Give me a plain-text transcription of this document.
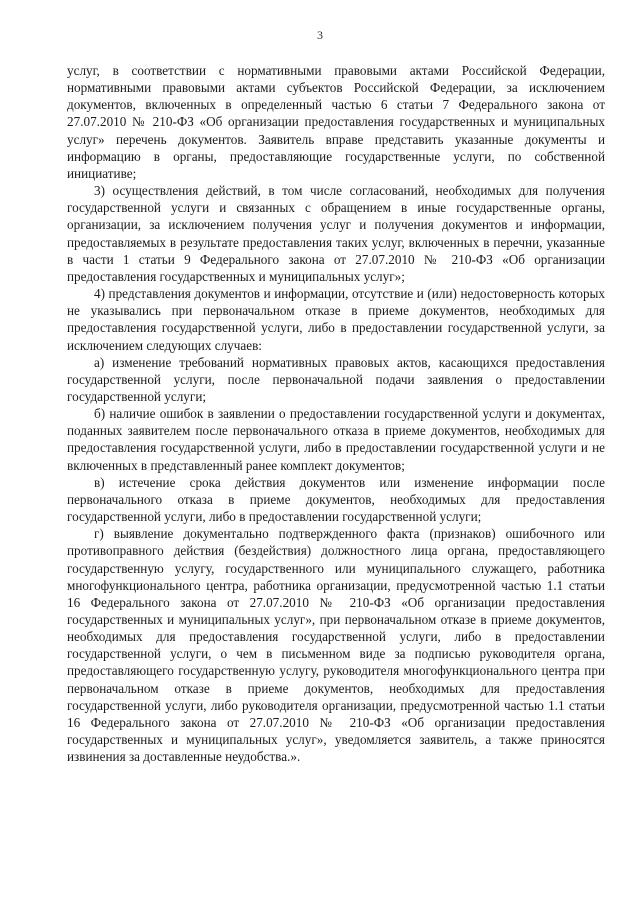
3

услуг, в соответствии с нормативными правовыми актами Российской Федерации, нормативными правовыми актами субъектов Российской Федерации, за исключением документов, включенных в определенный частью 6 статьи 7 Федерального закона от 27.07.2010 № 210-ФЗ «Об организации предоставления государственных и муниципальных услуг» перечень документов. Заявитель вправе представить указанные документы и информацию в органы, предоставляющие государственные услуги, по собственной инициативе;

3) осуществления действий, в том числе согласований, необходимых для получения государственной услуги и связанных с обращением в иные государственные органы, организации, за исключением получения услуг и получения документов и информации, предоставляемых в результате предоставления таких услуг, включенных в перечни, указанные в части 1 статьи 9 Федерального закона от 27.07.2010 № 210-ФЗ «Об организации предоставления государственных и муниципальных услуг»;

4) представления документов и информации, отсутствие и (или) недостоверность которых не указывались при первоначальном отказе в приеме документов, необходимых для предоставления государственной услуги, либо в предоставлении государственной услуги, за исключением следующих случаев:

а) изменение требований нормативных правовых актов, касающихся предоставления государственной услуги, после первоначальной подачи заявления о предоставлении государственной услуги;

б) наличие ошибок в заявлении о предоставлении государственной услуги и документах, поданных заявителем после первоначального отказа в приеме документов, необходимых для предоставления государственной услуги, либо в предоставлении государственной услуги и не включенных в представленный ранее комплект документов;

в) истечение срока действия документов или изменение информации после первоначального отказа в приеме документов, необходимых для предоставления государственной услуги, либо в предоставлении государственной услуги;

г) выявление документально подтвержденного факта (признаков) ошибочного или противоправного действия (бездействия) должностного лица органа, предоставляющего государственную услугу, государственного или муниципального служащего, работника многофункционального центра, работника организации, предусмотренной частью 1.1 статьи 16 Федерального закона от 27.07.2010 № 210-ФЗ «Об организации предоставления государственных и муниципальных услуг», при первоначальном отказе в приеме документов, необходимых для предоставления государственной услуги, либо в предоставлении государственной услуги, о чем в письменном виде за подписью руководителя органа, предоставляющего государственную услугу, руководителя многофункционального центра при первоначальном отказе в приеме документов, необходимых для предоставления государственной услуги, либо руководителя организации, предусмотренной частью 1.1 статьи 16 Федерального закона от 27.07.2010 № 210-ФЗ «Об организации предоставления государственных и муниципальных услуг», уведомляется заявитель, а также приносятся извинения за доставленные неудобства.».
